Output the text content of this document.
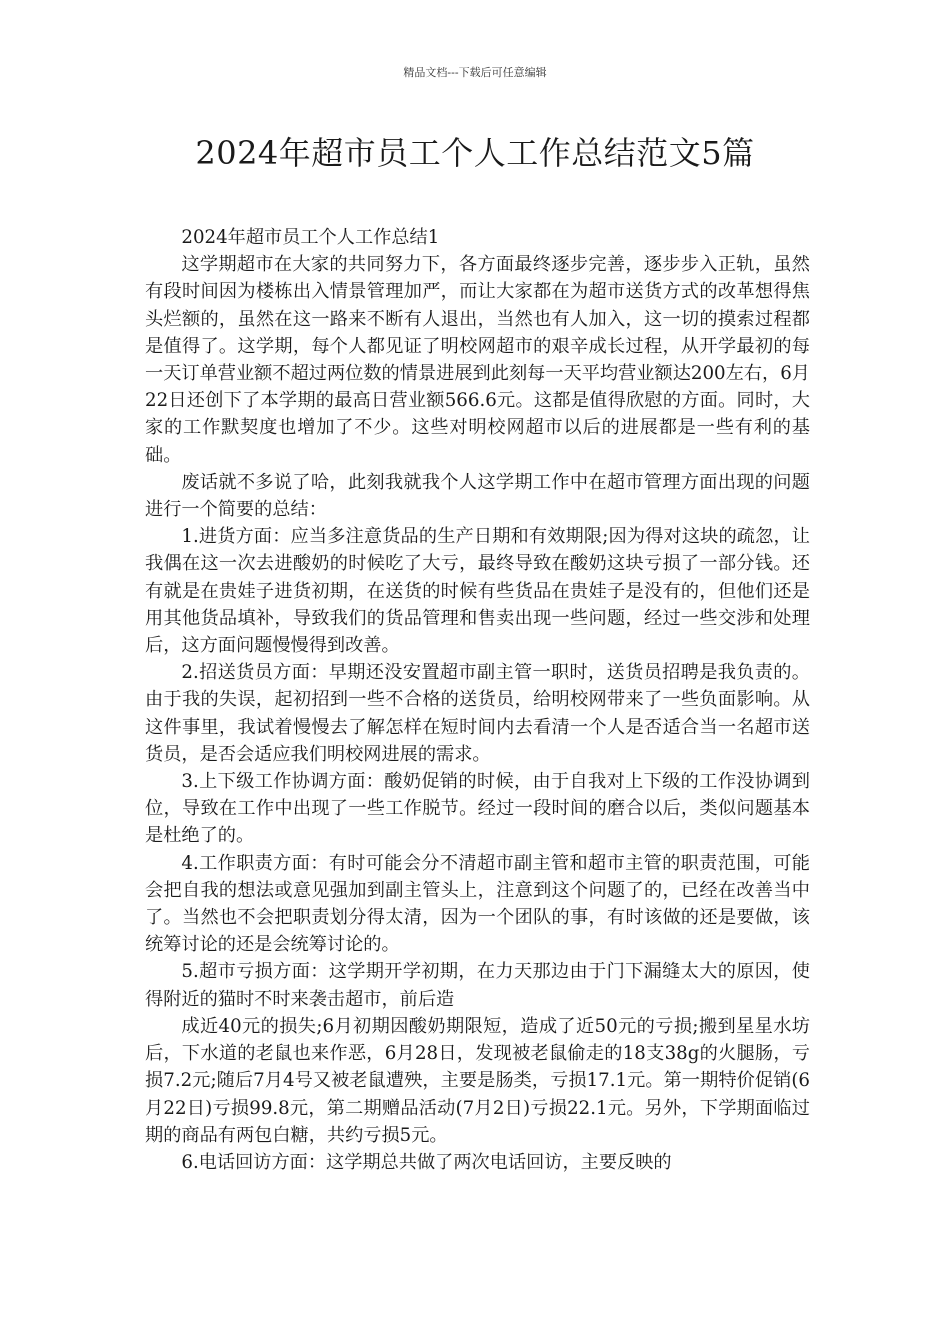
精品文档---下载后可任意编辑
2024年超市员工个人工作总结范文5篇

2024年超市员工个人工作总结1

这学期超市在大家的共同努力下，各方面最终逐步完善，逐步步入正轨，虽然有段时间因为楼栋出入情景管理加严，而让大家都在为超市送货方式的改革想得焦头烂额的，虽然在这一路来不断有人退出，当然也有人加入，这一切的摸索过程都是值得了。这学期，每个人都见证了明校网超市的艰辛成长过程，从开学最初的每一天订单营业额不超过两位数的情景进展到此刻每一天平均营业额达200左右，6月22日还创下了本学期的最高日营业额566.6元。这都是值得欣慰的方面。同时，大家的工作默契度也增加了不少。这些对明校网超市以后的进展都是一些有利的基础。

废话就不多说了哈，此刻我就我个人这学期工作中在超市管理方面出现的问题进行一个简要的总结：

1.进货方面：应当多注意货品的生产日期和有效期限;因为得对这块的疏忽，让我偶在这一次去进酸奶的时候吃了大亏，最终导致在酸奶这块亏损了一部分钱。还有就是在贵娃子进货初期，在送货的时候有些货品在贵娃子是没有的，但他们还是用其他货品填补，导致我们的货品管理和售卖出现一些问题，经过一些交涉和处理后，这方面问题慢慢得到改善。

2.招送货员方面：早期还没安置超市副主管一职时，送货员招聘是我负责的。由于我的失误，起初招到一些不合格的送货员，给明校网带来了一些负面影响。从这件事里，我试着慢慢去了解怎样在短时间内去看清一个人是否适合当一名超市送货员，是否会适应我们明校网进展的需求。

3.上下级工作协调方面：酸奶促销的时候，由于自我对上下级的工作没协调到位，导致在工作中出现了一些工作脱节。经过一段时间的磨合以后，类似问题基本是杜绝了的。

4.工作职责方面：有时可能会分不清超市副主管和超市主管的职责范围，可能会把自我的想法或意见强加到副主管头上，注意到这个问题了的，已经在改善当中了。当然也不会把职责划分得太清，因为一个团队的事，有时该做的还是要做，该统筹讨论的还是会统筹讨论的。

5.超市亏损方面：这学期开学初期，在力天那边由于门下漏缝太大的原因，使得附近的猫时不时来袭击超市，前后造

成近40元的损失;6月初期因酸奶期限短，造成了近50元的亏损;搬到星星水坊后，下水道的老鼠也来作恶，6月28日，发现被老鼠偷走的18支38g的火腿肠，亏损7.2元;随后7月4号又被老鼠遭殃，主要是肠类，亏损17.1元。第一期特价促销(6月22日)亏损99.8元，第二期赠品活动(7月2日)亏损22.1元。另外，下学期面临过期的商品有两包白糖，共约亏损5元。

6.电话回访方面：这学期总共做了两次电话回访，主要反映的
